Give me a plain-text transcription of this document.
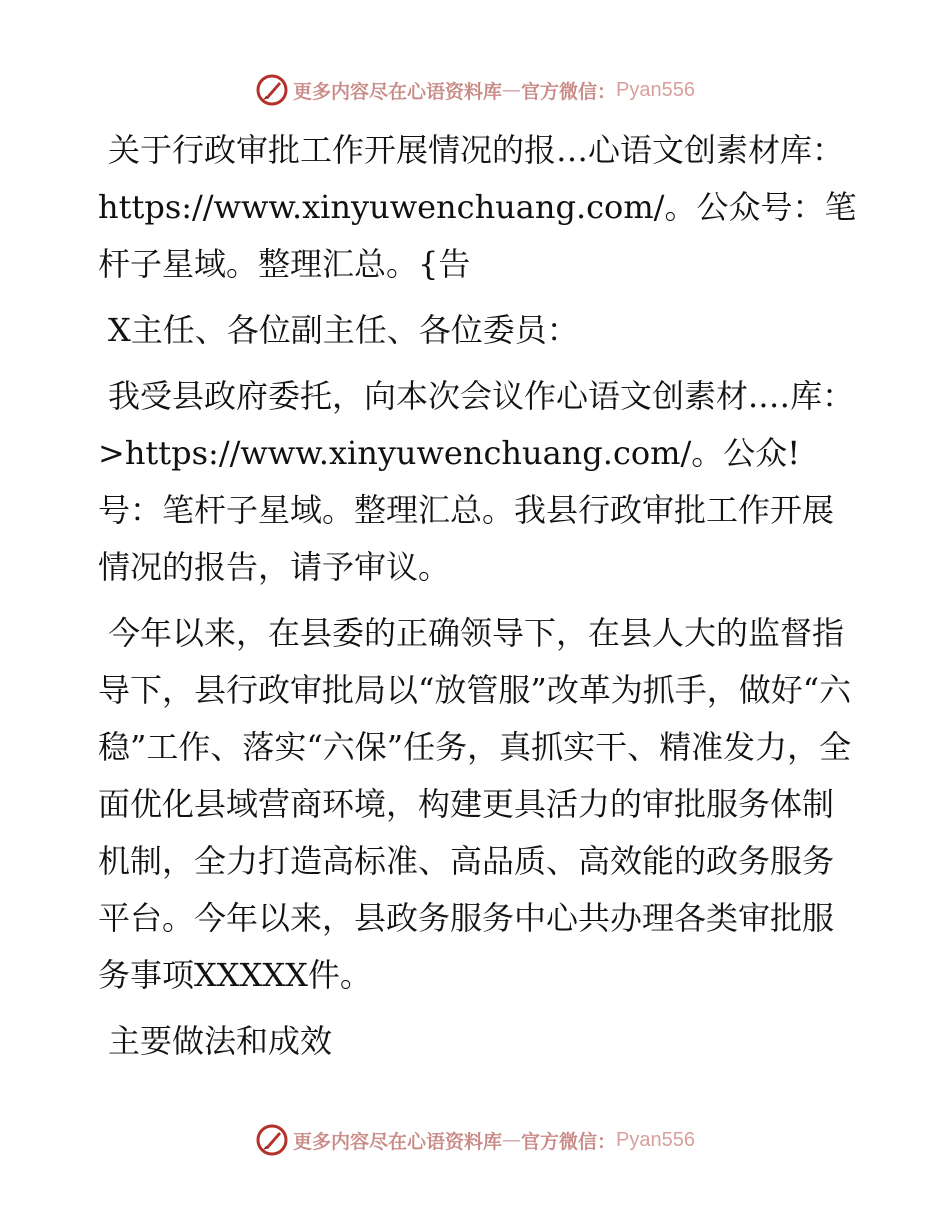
更多内容尽在心语资料库 — 官方微信： Pyan556

关于行政审批工作开展情况的报…心语文创素材库：https://www.xinyuwenchuang.com/。公众号：笔杆子星域。整理汇总。{告

X主任、各位副主任、各位委员：

我受县政府委托，向本次会议作心语文创素材.…库：>https://www.xinyuwenchuang.com/。公众!号：笔杆子星域。整理汇总。我县行政审批工作开展情况的报告，请予审议。

今年以来，在县委的正确领导下，在县人大的监督指导下，县行政审批局以“放管服”改革为抓手，做好“六稳”工作、落实“六保”任务，真抓实干、精准发力，全面优化县域营商环境，构建更具活力的审批服务体制机制，全力打造高标准、高品质、高效能的政务服务平台。今年以来，县政务服务中心共办理各类审批服务事项XXXXX件。

主要做法和成效

更多内容尽在心语资料库 — 官方微信： Pyan556
